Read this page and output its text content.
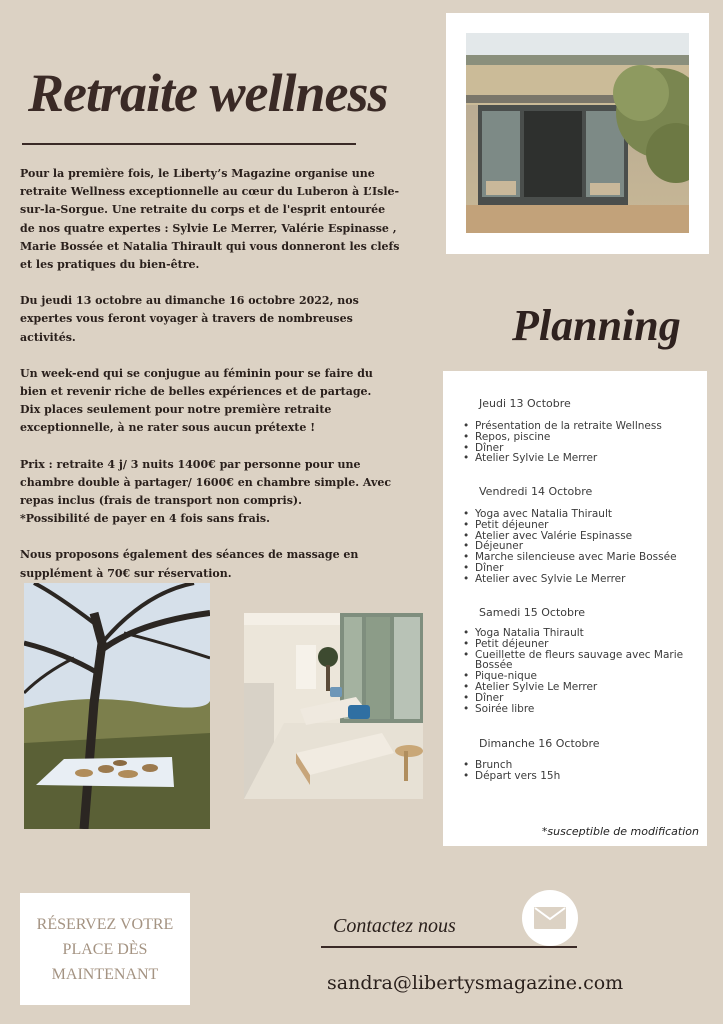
Retraite wellness

Pour la première fois, le Liberty’s Magazine organise une retraite Wellness exceptionnelle au cœur du Luberon à L’Isle-sur-la-Sorgue. Une retraite du corps et de l'esprit entourée de nos quatre expertes : Sylvie Le Merrer, Valérie Espinasse , Marie Bossée et Natalia Thirault qui vous donneront les clefs et les pratiques du bien-être.

Du jeudi 13 octobre au dimanche 16 octobre 2022, nos expertes vous feront voyager à travers de nombreuses activités.

Un week-end qui se conjugue au féminin pour se faire du bien et revenir riche de belles expériences et de partage.

Dix places seulement pour notre première retraite exceptionnelle, à ne rater sous aucun prétexte !

Prix : retraite 4 j/ 3 nuits 1400€ par personne pour une chambre double à partager/ 1600€ en chambre simple. Avec repas inclus (frais de transport non compris).

*Possibilité de payer en 4 fois sans frais.

Nous proposons également des séances de massage en supplément à 70€ sur réservation.

Planning
Jeudi 13 Octobre
• Présentation de la retraite Wellness
• Repos, piscine
• Dîner
• Atelier Sylvie Le Merrer
Vendredi 14 Octobre
• Yoga avec Natalia Thirault
• Petit déjeuner
• Atelier avec Valérie Espinasse
• Déjeuner
• Marche silencieuse avec Marie Bossée
• Dîner
• Atelier avec Sylvie Le Merrer
Samedi 15 Octobre
• Yoga Natalia Thirault
• Petit déjeuner
• Cueillette de fleurs sauvage avec Marie Bossée
• Pique-nique
• Atelier Sylvie Le Merrer
• Dîner
• Soirée libre
Dimanche 16 Octobre
• Brunch
• Départ vers 15h
*susceptible de modification
RÉSERVEZ VOTRE PLACE DÈS MAINTENANT
Contactez nous
sandra@libertysmagazine.com
